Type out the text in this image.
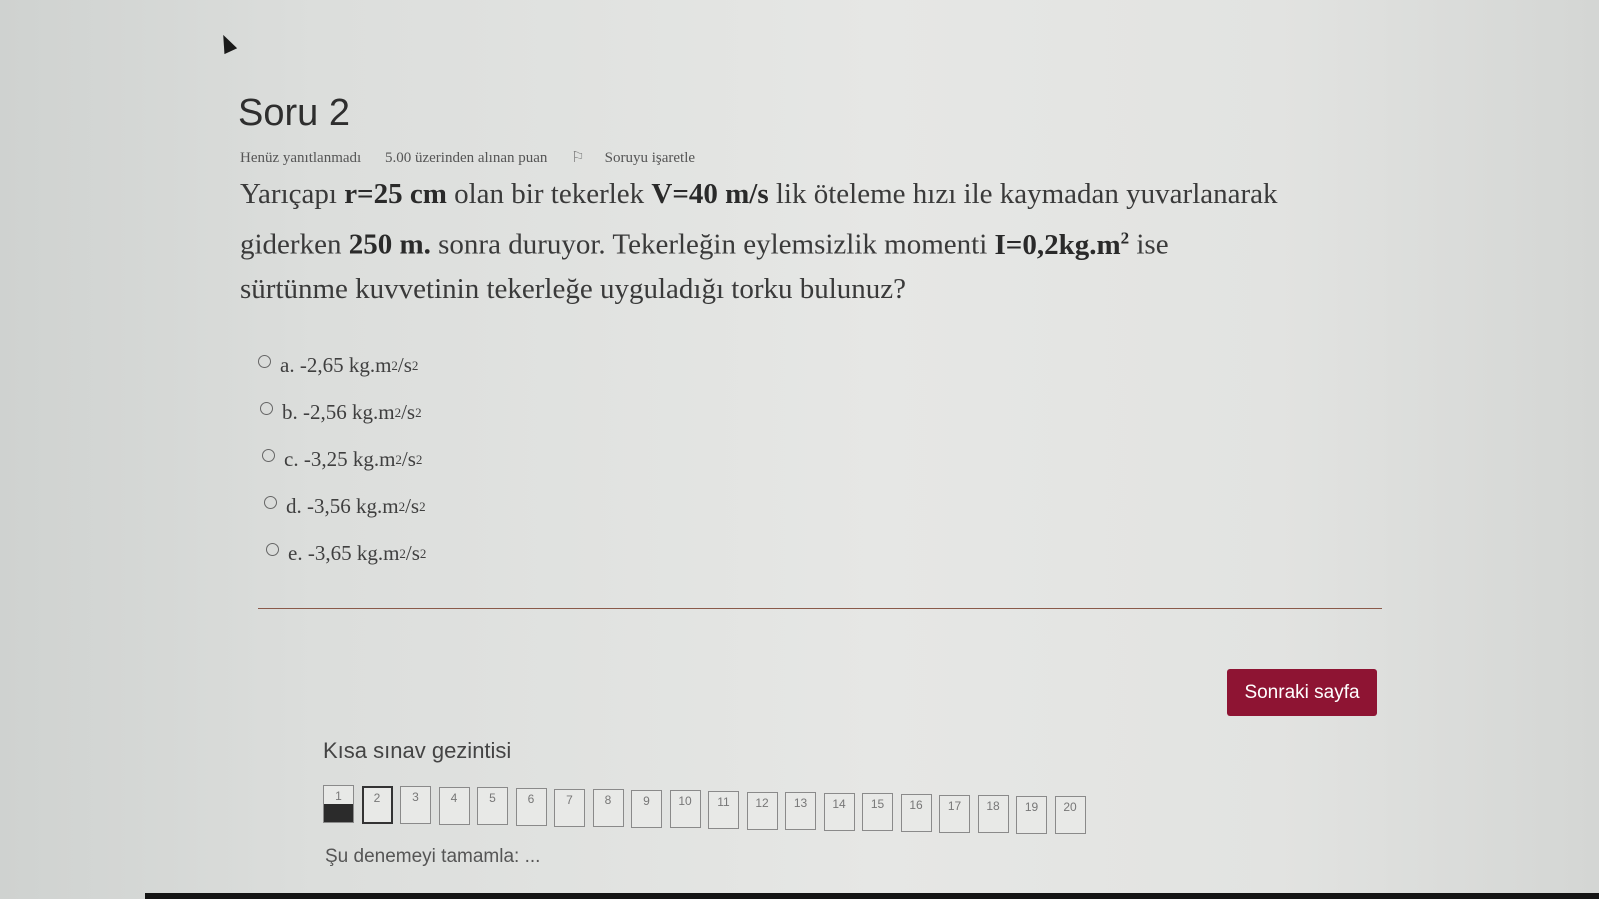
Soru 2
Henüz yanıtlanmadı 5.00 üzerinden alınan puan ⚐ Soruyu işaretle

Yarıçapı r=25 cm olan bir tekerlek V=40 m/s lik öteleme hızı ile kaymadan yuvarlanarak giderken 250 m. sonra duruyor. Tekerleğin eylemsizlik momenti $I=0,2kg.m^2$ ise sürtünme kuvvetinin tekerleğe uyguladığı torku bulunuz?

a.
-2,65 kg.m 2 /s 2
b.
-2,56 kg.m 2 /s 2
c.
-3,25 kg.m 2 /s 2
d.
-3,56 kg.m 2 /s 2
e.
-3,65 kg.m 2 /s 2
Sonraki sayfa
Kısa sınav gezintisi
1	2	3	4	5	6	7	8	9 10 11 12 13 14 15 16 17 18 19 20
Şu denemeyi tamamla: ...
